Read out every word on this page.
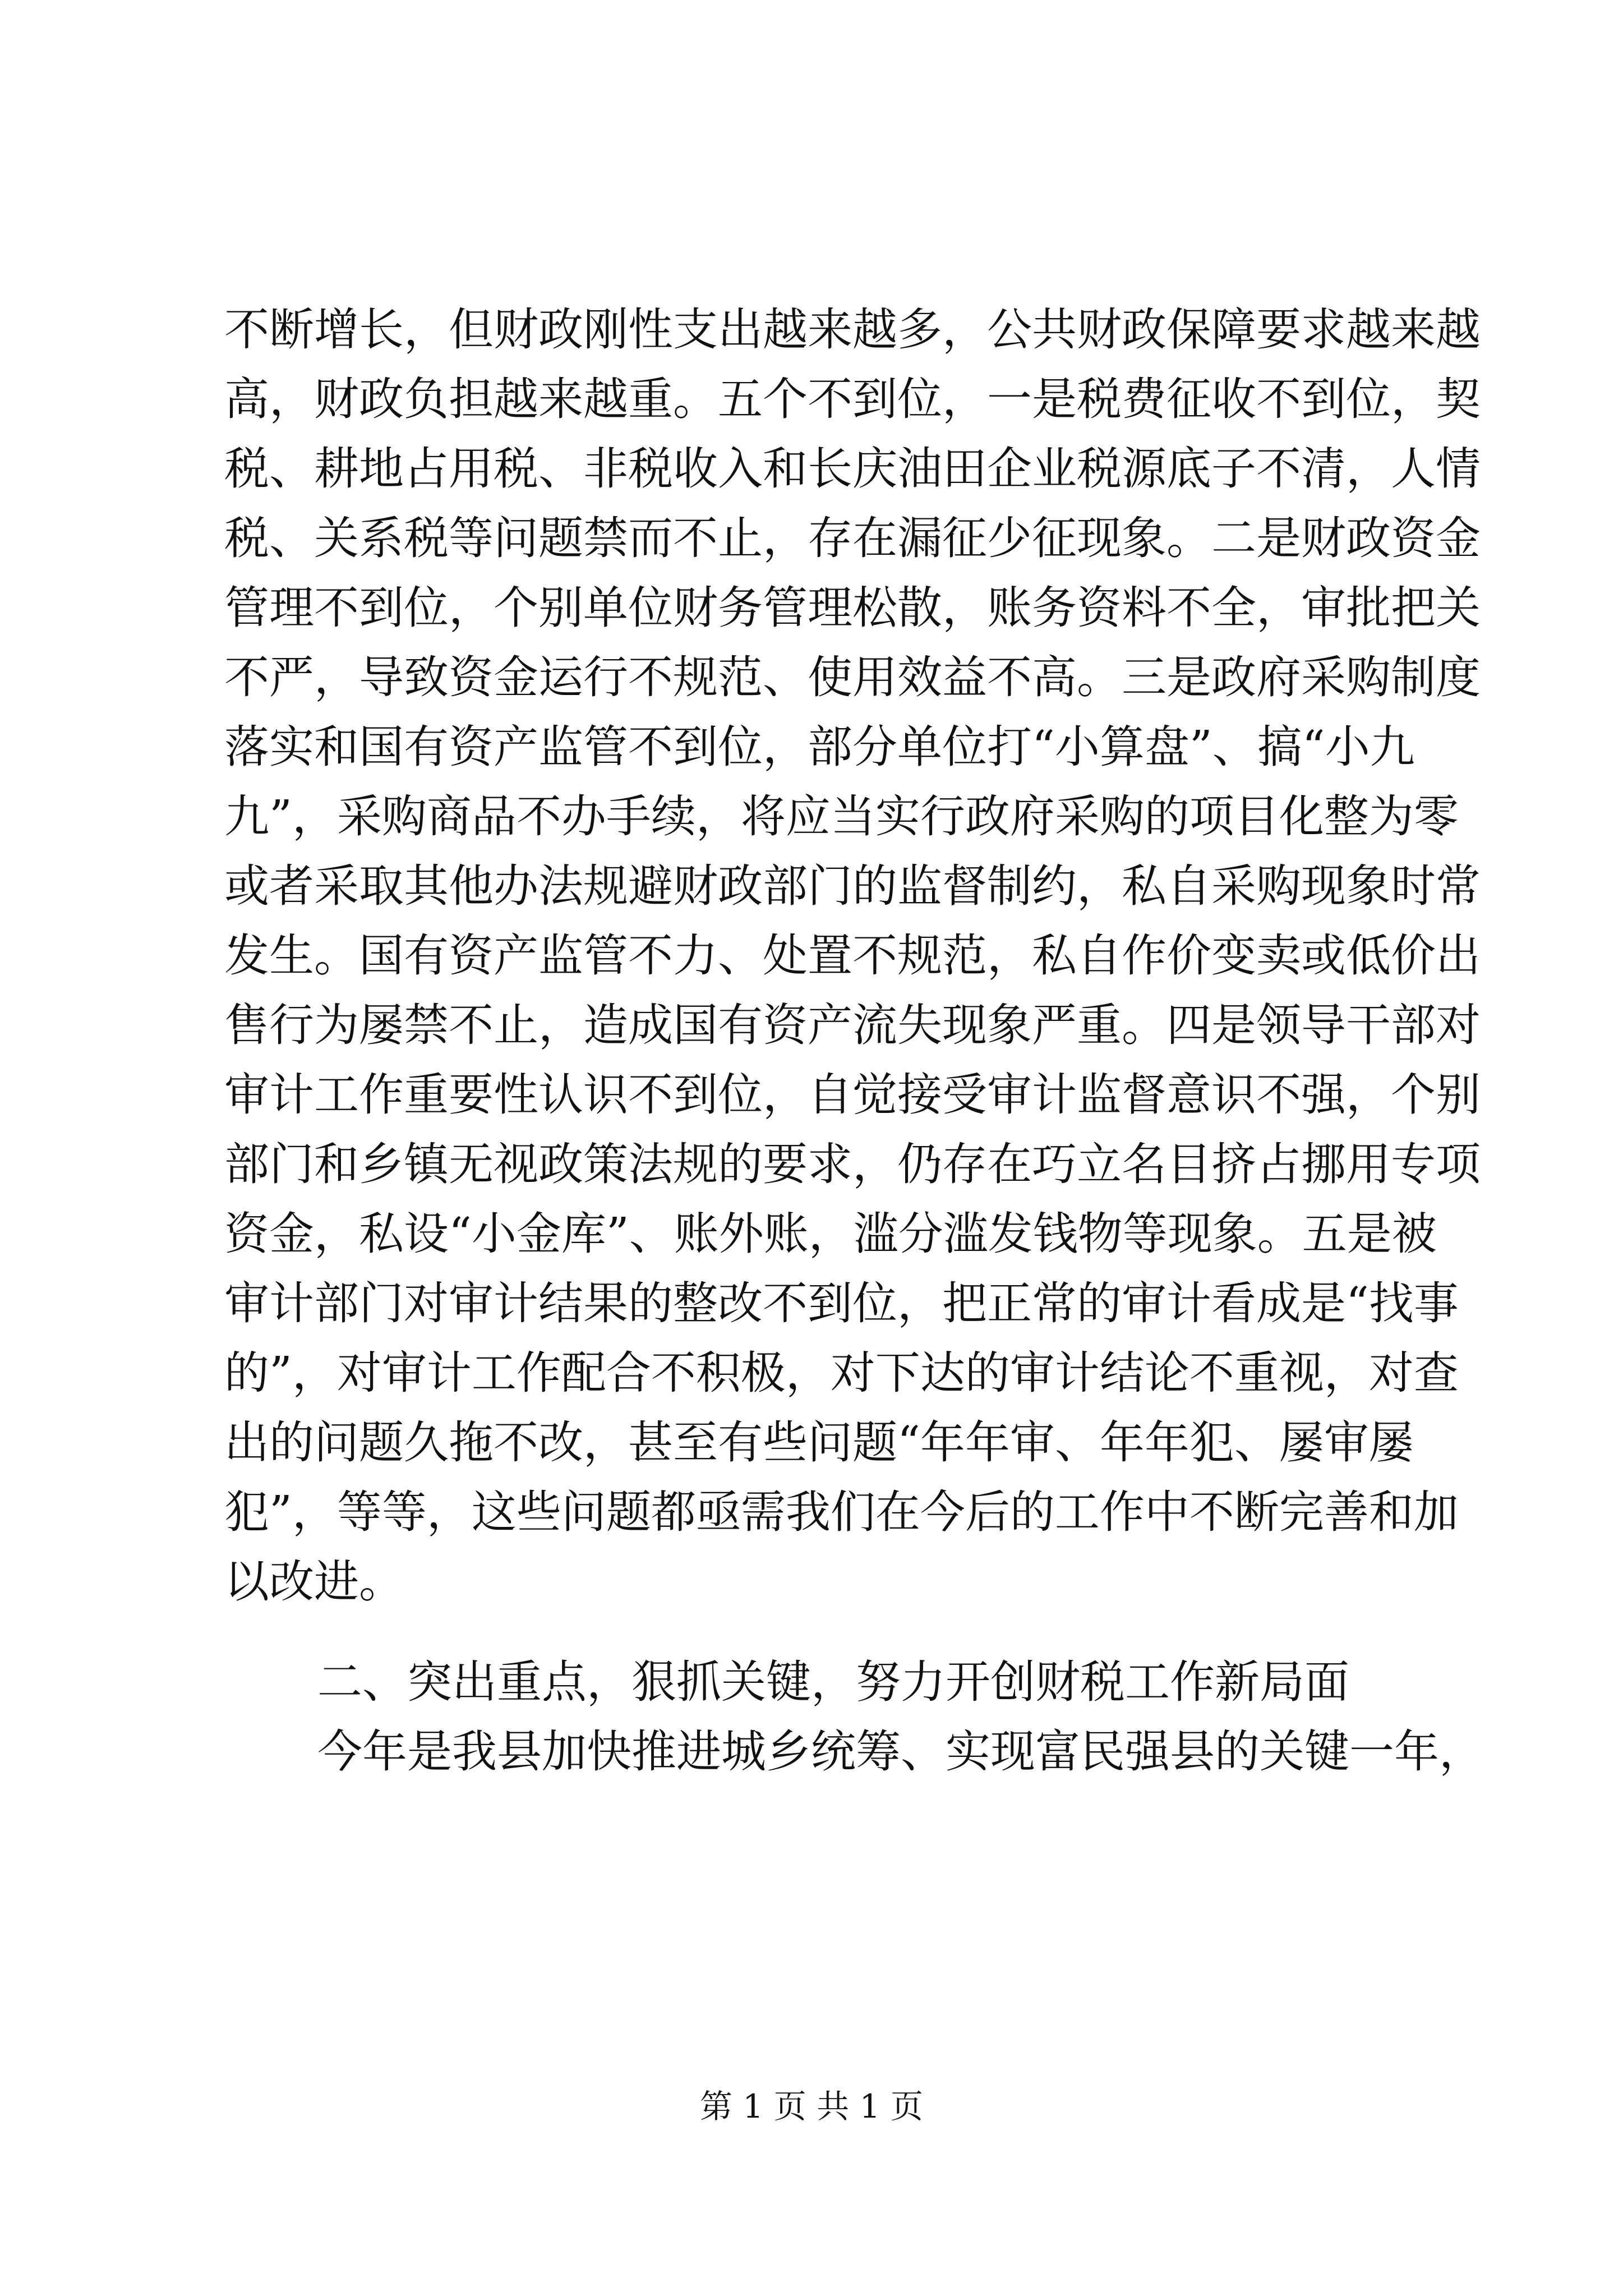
不断增长，但财政刚性支出越来越多，公共财政保障要求越来越
高，财政负担越来越重。五个不到位，一是税费征收不到位，契
税、耕地占用税、非税收入和长庆油田企业税源底子不清，人情
税、关系税等问题禁而不止，存在漏征少征现象。二是财政资金
管理不到位，个别单位财务管理松散，账务资料不全，审批把关
不严，导致资金运行不规范、使用效益不高。三是政府采购制度
落实和国有资产监管不到位，部分单位打“小算盘”、搞“小九
九”，采购商品不办手续，将应当实行政府采购的项目化整为零
或者采取其他办法规避财政部门的监督制约，私自采购现象时常
发生。国有资产监管不力、处置不规范，私自作价变卖或低价出
售行为屡禁不止，造成国有资产流失现象严重。四是领导干部对
审计工作重要性认识不到位，自觉接受审计监督意识不强，个别
部门和乡镇无视政策法规的要求，仍存在巧立名目挤占挪用专项
资金，私设“小金库”、账外账，滥分滥发钱物等现象。五是被
审计部门对审计结果的整改不到位，把正常的审计看成是“找事
的”，对审计工作配合不积极，对下达的审计结论不重视，对查
出的问题久拖不改，甚至有些问题“年年审、年年犯、屡审屡
犯”，等等，这些问题都亟需我们在今后的工作中不断完善和加
以改进。
二、突出重点，狠抓关键，努力开创财税工作新局面
今年是我县加快推进城乡统筹、实现富民强县的关键一年，
第 1 页 共 1 页
